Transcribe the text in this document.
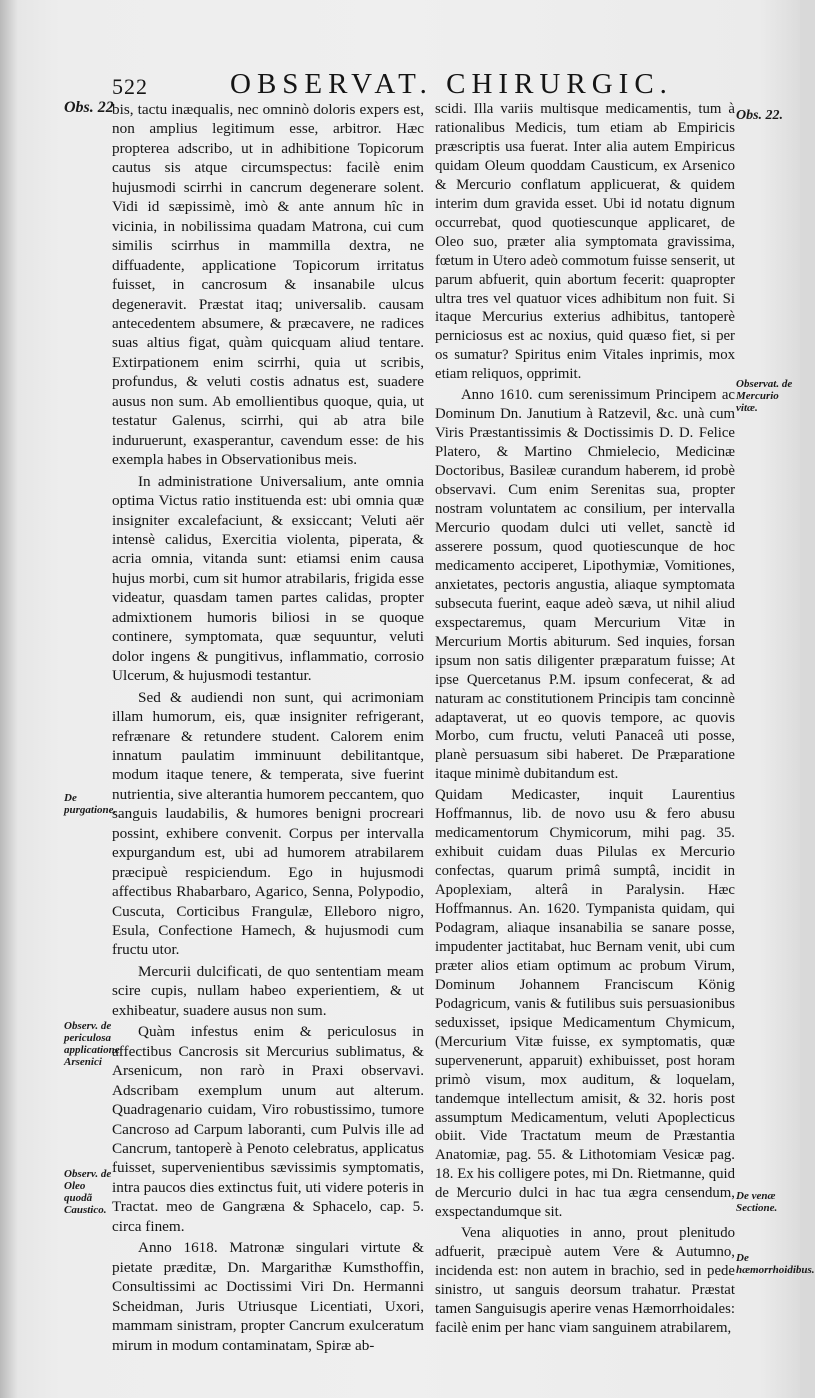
522	OBSERVAT. CHIRURGIC.
Obs. 22	Obs. 22.
Observat. de Mercurio vitæ.
De purgatione.
Observ. de periculosa applicatione Arsenici
Observ. de Oleo quodã Caustico.
De venæ Sectione.
De hæmorrhoidibus.

bis, tactu inæqualis, nec omninò doloris expers est, non amplius legitimum esse, arbitror. Hæc propterea adscribo, ut in adhibitione Topicorum cautus sis atque circumspectus: facilè enim hujusmodi scirrhi in cancrum degenerare solent. Vidi id sæpissimè, imò & ante annum hîc in vicinia, in nobilissima quadam Matrona, cui cum similis scirrhus in mammilla dextra, ne diffuadente, applicatione Topicorum irritatus fuisset, in cancrosum & insanabile ulcus degeneravit. Præstat itaq; universalib. causam antecedentem absumere, & præcavere, ne radices suas altius figat, quàm quicquam aliud tentare. Extirpationem enim scirrhi, quia ut scribis, profundus, & veluti costis adnatus est, suadere ausus non sum. Ab emollientibus quoque, quia, ut testatur Galenus, scirrhi, qui ab atra bile induruerunt, exasperantur, cavendum esse: de his exempla habes in Observationibus meis.

In administratione Universalium, ante omnia optima Victus ratio instituenda est: ubi omnia quæ insigniter excalefaciunt, & exsiccant; Veluti aër intensè calidus, Exercitia violenta, piperata, & acria omnia, vitanda sunt: etiamsi enim causa hujus morbi, cum sit humor atrabilaris, frigida esse videatur, quasdam tamen partes calidas, propter admixtionem humoris biliosi in se quoque continere, symptomata, quæ sequuntur, veluti dolor ingens & pungitivus, inflammatio, corrosio Ulcerum, & hujusmodi testantur.

Sed & audiendi non sunt, qui acrimoniam illam humorum, eis, quæ insigniter refrigerant, refrænare & retundere student. Calorem enim innatum paulatim imminuunt debilitantque, modum itaque tenere, & temperata, sive fuerint nutrientia, sive alterantia humorem peccantem, quo sanguis laudabilis, & humores benigni procreari possint, exhibere convenit. Corpus per intervalla expurgandum est, ubi ad humorem atrabilarem præcipuè respiciendum. Ego in hujusmodi affectibus Rhabarbaro, Agarico, Senna, Polypodio, Cuscuta, Corticibus Frangulæ, Elleboro nigro, Esula, Confectione Hamech, & hujusmodi cum fructu utor.

Mercurii dulcificati, de quo sententiam meam scire cupis, nullam habeo experientiem, & ut exhibeatur, suadere ausus non sum.

Quàm infestus enim & periculosus in affectibus Cancrosis sit Mercurius sublimatus, & Arsenicum, non rarò in Praxi observavi. Adscribam exemplum unum aut alterum. Quadragenario cuidam, Viro robustissimo, tumore Cancroso ad Carpum laboranti, cum Pulvis ille ad Cancrum, tantoperè à Penoto celebratus, applicatus fuisset, supervenientibus sævissimis symptomatis, intra paucos dies extinctus fuit, uti videre poteris in Tractat. meo de Gangræna & Sphacelo, cap. 5. circa finem.

Anno 1618. Matronæ singulari virtute & pietate præditæ, Dn. Margarithæ Kumsthoffin, Consultissimi ac Doctissimi Viri Dn. Hermanni Scheidman, Juris Utriusque Licentiati, Uxori, mammam sinistram, propter Cancrum exulceratum mirum in modum contaminatam, Spiræ ab-

scidi. Illa variis multisque medicamentis, tum à rationalibus Medicis, tum etiam ab Empiricis præscriptis usa fuerat. Inter alia autem Empiricus quidam Oleum quoddam Causticum, ex Arsenico & Mercurio conflatum applicuerat, & quidem interim dum gravida esset. Ubi id notatu dignum occurrebat, quod quotiescunque applicaret, de Oleo suo, præter alia symptomata gravissima, fœtum in Utero adeò commotum fuisse senserit, ut parum abfuerit, quin abortum fecerit: quapropter ultra tres vel quatuor vices adhibitum non fuit. Si itaque Mercurius exterius adhibitus, tantoperè perniciosus est ac noxius, quid quæso fiet, si per os sumatur? Spiritus enim Vitales inprimis, mox etiam reliquos, opprimit.

Anno 1610. cum serenissimum Principem ac Dominum Dn. Janutium à Ratzevil, &c. unà cum Viris Præstantissimis & Doctissimis D. D. Felice Platero, & Martino Chmielecio, Medicinæ Doctoribus, Basileæ curandum haberem, id probè observavi. Cum enim Serenitas sua, propter nostram voluntatem ac consilium, per intervalla Mercurio quodam dulci uti vellet, sanctè id asserere possum, quod quotiescunque de hoc medicamento acciperet, Lipothymiæ, Vomitiones, anxietates, pectoris angustia, aliaque symptomata subsecuta fuerint, eaque adeò sæva, ut nihil aliud exspectaremus, quam Mercurium Vitæ in Mercurium Mortis abiturum. Sed inquies, forsan ipsum non satis diligenter præparatum fuisse; At ipse Quercetanus P.M. ipsum confecerat, & ad naturam ac constitutionem Principis tam concinnè adaptaverat, ut eo quovis tempore, ac quovis Morbo, cum fructu, veluti Panaceâ uti posse, planè persuasum sibi haberet. De Præparatione itaque minimè dubitandum est.

Quidam Medicaster, inquit Laurentius Hoffmannus, lib. de novo usu & fero abusu medicamentorum Chymicorum, mihi pag. 35. exhibuit cuidam duas Pilulas ex Mercurio confectas, quarum primâ sumptâ, incidit in Apoplexiam, alterâ in Paralysin. Hæc Hoffmannus. An. 1620. Tympanista quidam, qui Podagram, aliaque insanabilia se sanare posse, impudenter jactitabat, huc Bernam venit, ubi cum præter alios etiam optimum ac probum Virum, Dominum Johannem Franciscum König Podagricum, vanis & futilibus suis persuasionibus seduxisset, ipsique Medicamentum Chymicum, (Mercurium Vitæ fuisse, ex symptomatis, quæ supervenerunt, apparuit) exhibuisset, post horam primò visum, mox auditum, & loquelam, tandemque intellectum amisit, & 32. horis post assumptum Medicamentum, veluti Apoplecticus obiit. Vide Tractatum meum de Præstantia Anatomiæ, pag. 55. & Lithotomiam Vesicæ pag. 18. Ex his colligere potes, mi Dn. Rietmanne, quid de Mercurio dulci in hac tua ægra censendum, exspectandumque sit.

Vena aliquoties in anno, prout plenitudo adfuerit, præcipuè autem Vere & Autumno, incidenda est: non autem in brachio, sed in pede sinistro, ut sanguis deorsum trahatur. Præstat tamen Sanguisugis aperire venas Hæmorrhoidales: facilè enim per hanc viam sanguinem atrabilarem,
